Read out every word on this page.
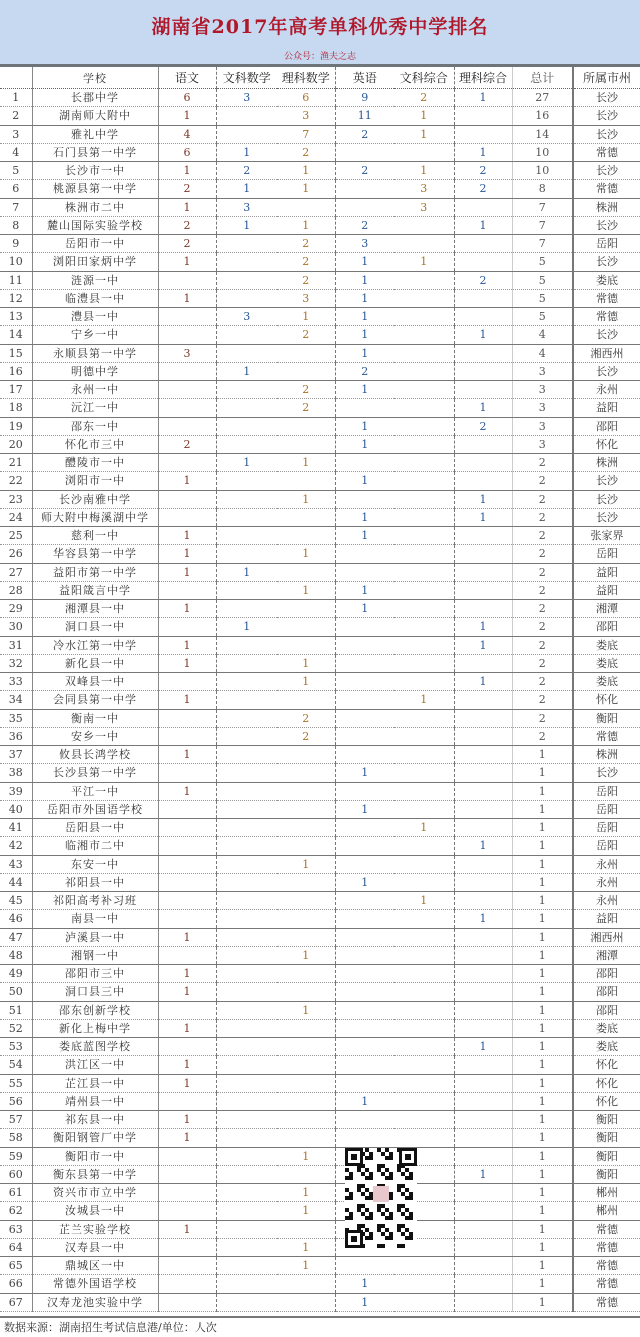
湖南省2017年高考单科优秀中学排名
公众号：渔夫之志
	学校	语文	文科数学	理科数学	英语	文科综合	理科综合	总计	所属市州
1	长郡中学	6	3	6	9	2	1	27	长沙
2	湖南师大附中	1		3	11	1		16	长沙
3	雅礼中学	4		7	2	1		14	长沙
4	石门县第一中学	6	1	2			1	10	常德
5	长沙市一中	1	2	1	2	1	2	10	长沙
6	桃源县第一中学	2	1	1		3	2	8	常德
7	株洲市二中	1	3			3		7	株洲
8	麓山国际实验学校	2	1	1	2		1	7	长沙
9	岳阳市一中	2		2	3			7	岳阳
10	浏阳田家炳中学	1		2	1	1		5	长沙
11	涟源一中			2	1		2	5	娄底
12	临澧县一中	1		3	1			5	常德
13	澧县一中		3	1	1			5	常德
14	宁乡一中			2	1		1	4	长沙
15	永顺县第一中学	3			1			4	湘西州
16	明德中学		1		2			3	长沙
17	永州一中			2	1			3	永州
18	沅江一中			2			1	3	益阳
19	邵东一中				1		2	3	邵阳
20	怀化市三中	2			1			3	怀化
21	醴陵市一中		1	1				2	株洲
22	浏阳市一中	1			1			2	长沙
23	长沙南雅中学			1			1	2	长沙
24	师大附中梅溪湖中学				1		1	2	长沙
25	慈利一中	1			1			2	张家界
26	华容县第一中学	1		1				2	岳阳
27	益阳市第一中学	1	1					2	益阳
28	益阳箴言中学			1	1			2	益阳
29	湘潭县一中	1			1			2	湘潭
30	洞口县一中		1				1	2	邵阳
31	冷水江第一中学	1					1	2	娄底
32	新化县一中	1		1				2	娄底
33	双峰县一中			1			1	2	娄底
34	会同县第一中学	1				1		2	怀化
35	衡南一中			2				2	衡阳
36	安乡一中			2				2	常德
37	攸县长鸿学校	1						1	株洲
38	长沙县第一中学				1			1	长沙
39	平江一中	1						1	岳阳
40	岳阳市外国语学校				1			1	岳阳
41	岳阳县一中					1		1	岳阳
42	临湘市二中						1	1	岳阳
43	东安一中			1				1	永州
44	祁阳县一中				1			1	永州
45	祁阳高考补习班					1		1	永州
46	南县一中						1	1	益阳
47	泸溪县一中	1						1	湘西州
48	湘钢一中			1				1	湘潭
49	邵阳市三中	1						1	邵阳
50	洞口县三中	1						1	邵阳
51	邵东创新学校			1				1	邵阳
52	新化上梅中学	1						1	娄底
53	娄底蓝图学校						1	1	娄底
54	洪江区一中	1						1	怀化
55	芷江县一中	1						1	怀化
56	靖州县一中				1			1	怀化
57	祁东县一中	1						1	衡阳
58	衡阳钢管厂中学	1						1	衡阳
59	衡阳市一中			1				1	衡阳
60	衡东县第一中学						1	1	衡阳
61	资兴市市立中学			1				1	郴州
62	汝城县一中			1				1	郴州
63	芷兰实验学校	1						1	常德
64	汉寿县一中			1				1	常德
65	鼎城区一中			1				1	常德
66	常德外国语学校				1			1	常德
67	汉寿龙池实验中学				1			1	常德
数据来源：湖南招生考试信息港/单位：人次
